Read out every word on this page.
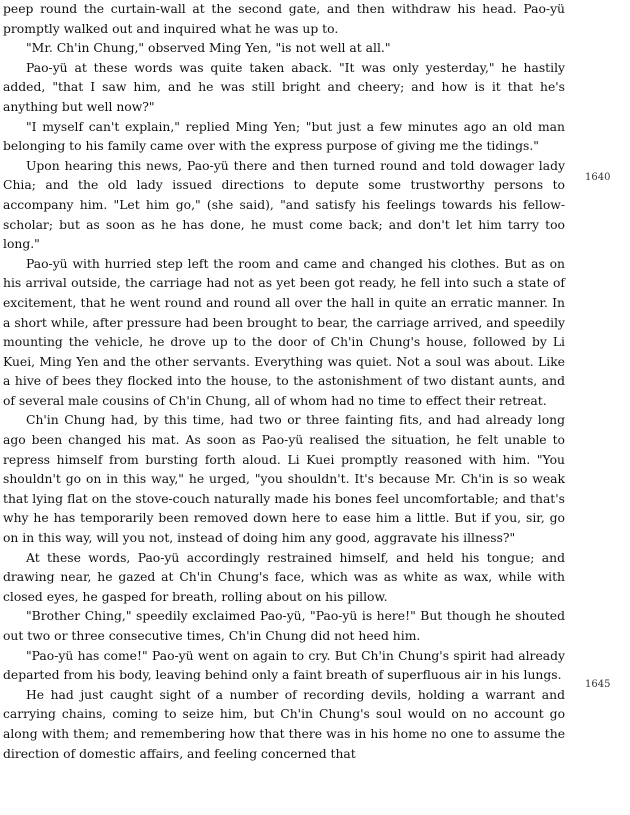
peep round the curtain-wall at the second gate, and then withdraw his head. Pao-yü promptly walked out and inquired what he was up to.

"Mr. Ch'in Chung," observed Ming Yen, "is not well at all."

Pao-yü at these words was quite taken aback. "It was only yesterday," he hastily added, "that I saw him, and he was still bright and cheery; and how is it that he's anything but well now?"

"I myself can't explain," replied Ming Yen; "but just a few minutes ago an old man belonging to his family came over with the express purpose of giving me the tidings."

Upon hearing this news, Pao-yü there and then turned round and told dowager lady Chia; and the old lady issued directions to depute some trustworthy persons to accompany him. "Let him go," (she said), "and satisfy his feelings towards his fellow-scholar; but as soon as he has done, he must come back; and don't let him tarry too long."

Pao-yü with hurried step left the room and came and changed his clothes. But as on his arrival outside, the carriage had not as yet been got ready, he fell into such a state of excitement, that he went round and round all over the hall in quite an erratic manner. In a short while, after pressure had been brought to bear, the carriage arrived, and speedily mounting the vehicle, he drove up to the door of Ch'in Chung's house, followed by Li Kuei, Ming Yen and the other servants. Everything was quiet. Not a soul was about. Like a hive of bees they flocked into the house, to the astonishment of two distant aunts, and of several male cousins of Ch'in Chung, all of whom had no time to effect their retreat.

Ch'in Chung had, by this time, had two or three fainting fits, and had already long ago been changed his mat. As soon as Pao-yü realised the situation, he felt unable to repress himself from bursting forth aloud. Li Kuei promptly reasoned with him. "You shouldn't go on in this way," he urged, "you shouldn't. It's because Mr. Ch'in is so weak that lying flat on the stove-couch naturally made his bones feel uncomfortable; and that's why he has temporarily been removed down here to ease him a little. But if you, sir, go on in this way, will you not, instead of doing him any good, aggravate his illness?"

At these words, Pao-yü accordingly restrained himself, and held his tongue; and drawing near, he gazed at Ch'in Chung's face, which was as white as wax, while with closed eyes, he gasped for breath, rolling about on his pillow.

"Brother Ching," speedily exclaimed Pao-yü, "Pao-yü is here!" But though he shouted out two or three consecutive times, Ch'in Chung did not heed him.

"Pao-yü has come!" Pao-yü went on again to cry. But Ch'in Chung's spirit had already departed from his body, leaving behind only a faint breath of superfluous air in his lungs.

He had just caught sight of a number of recording devils, holding a warrant and carrying chains, coming to seize him, but Ch'in Chung's soul would on no account go along with them; and remembering how that there was in his home no one to assume the direction of domestic affairs, and feeling concerned that

1640
1645
